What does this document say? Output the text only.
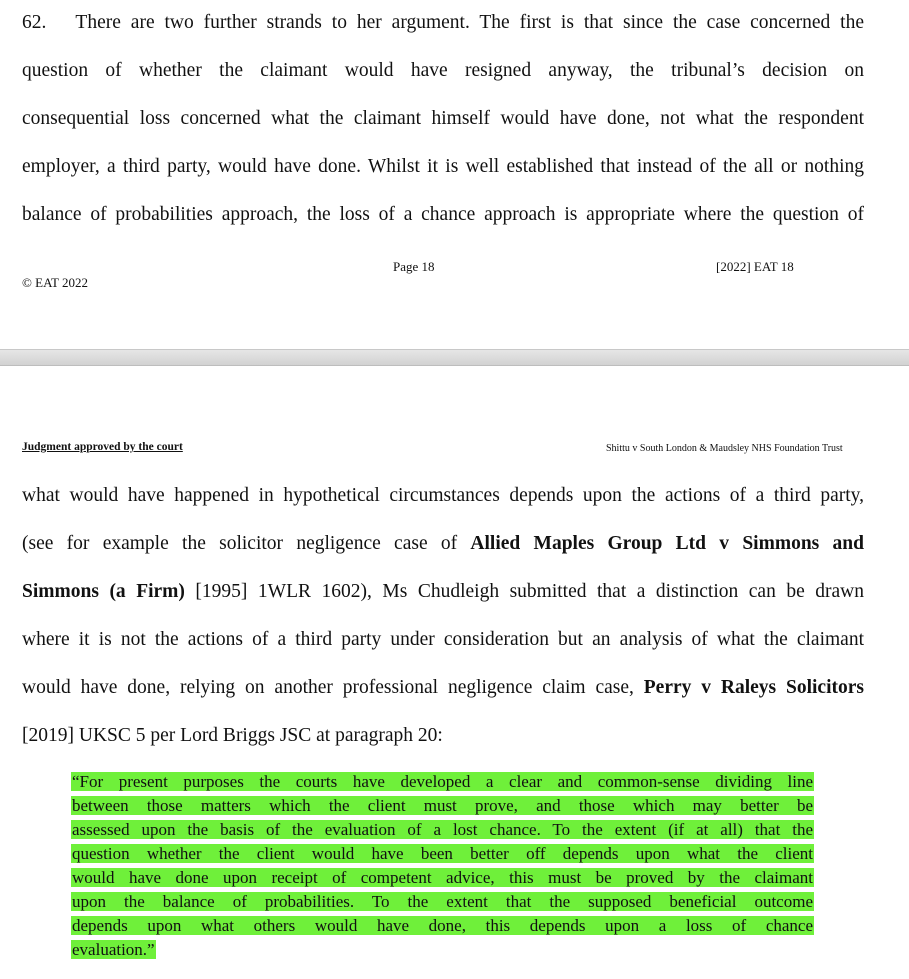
62.  There are two further strands to her argument. The first is that since the case concerned the
question of whether the claimant would have resigned anyway, the tribunal’s decision on
consequential loss concerned what the claimant himself would have done, not what the respondent
employer, a third party, would have done. Whilst it is well established that instead of the all or nothing
balance of probabilities approach, the loss of a chance approach is appropriate where the question of
Page 18	[2022] EAT 18
© EAT 2022
Judgment approved by the court	Shittu v South London & Maudsley NHS Foundation Trust
what would have happened in hypothetical circumstances depends upon the actions of a third party,
(see for example the solicitor negligence case of Allied Maples Group Ltd v Simmons and
Simmons (a Firm) [1995] 1WLR 1602), Ms Chudleigh submitted that a distinction can be drawn
where it is not the actions of a third party under consideration but an analysis of what the claimant
would have done, relying on another professional negligence claim case, Perry v Raleys Solicitors
[2019] UKSC 5 per Lord Briggs JSC at paragraph 20:
“For present purposes the courts have developed a clear and common-sense dividing line
between those matters which the client must prove, and those which may better be
assessed upon the basis of the evaluation of a lost chance. To the extent (if at all) that the
question whether the client would have been better off depends upon what the client
would have done upon receipt of competent advice, this must be proved by the claimant
upon the balance of probabilities. To the extent that the supposed beneficial outcome
depends upon what others would have done, this depends upon a loss of chance
evaluation.”
